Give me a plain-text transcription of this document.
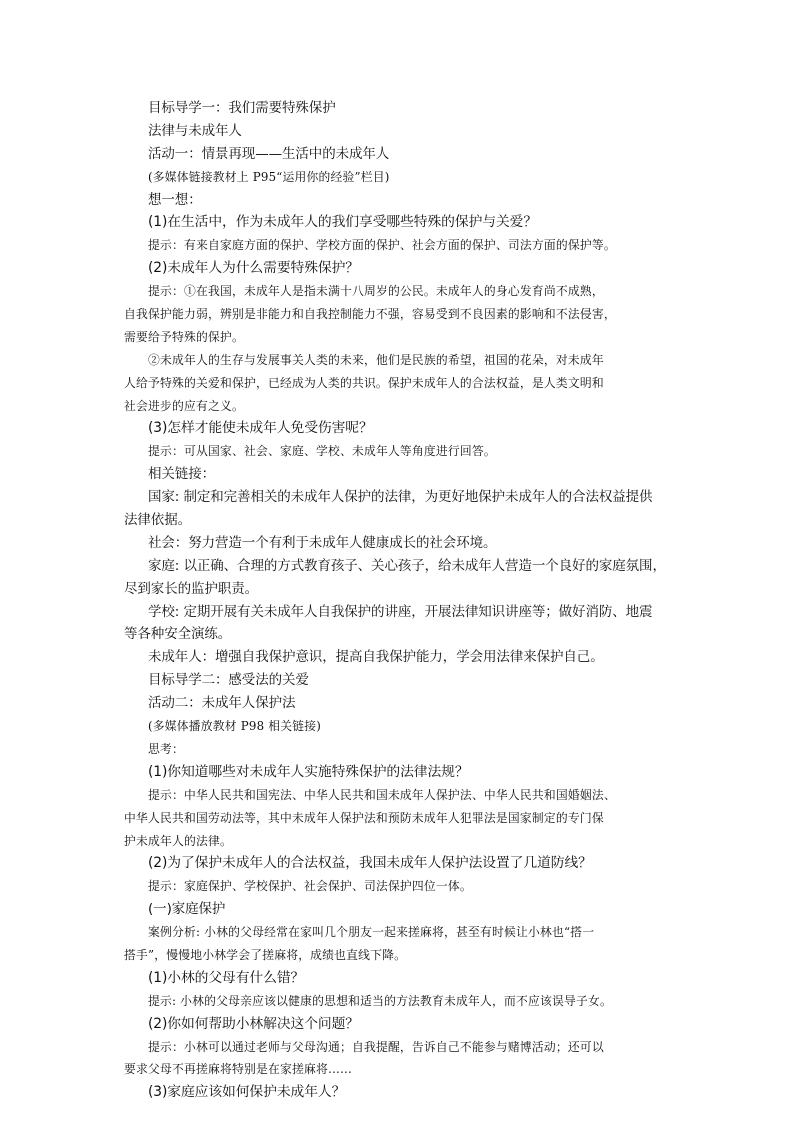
目标导学一：我们需要特殊保护
法律与未成年人
活动一：情景再现——生活中的未成年人
(多媒体链接教材上 P95“运用你的经验”栏目)
想一想：
(1)在生活中，作为未成年人的我们享受哪些特殊的保护与关爱？
提示：有来自家庭方面的保护、学校方面的保护、社会方面的保护、司法方面的保护等。
(2)未成年人为什么需要特殊保护？
提示：①在我国，未成年人是指未满十八周岁的公民。未成年人的身心发育尚不成熟，
自我保护能力弱，辨别是非能力和自我控制能力不强，容易受到不良因素的影响和不法侵害，
需要给予特殊的保护。
②未成年人的生存与发展事关人类的未来，他们是民族的希望，祖国的花朵，对未成年
人给予特殊的关爱和保护，已经成为人类的共识。保护未成年人的合法权益，是人类文明和
社会进步的应有之义。
(3)怎样才能使未成年人免受伤害呢？
提示：可从国家、社会、家庭、学校、未成年人等角度进行回答。
相关链接：
国家: 制定和完善相关的未成年人保护的法律，为更好地保护未成年人的合法权益提供
法律依据。
社会：努力营造一个有利于未成年人健康成长的社会环境。
家庭: 以正确、合理的方式教育孩子、关心孩子，给未成年人营造一个良好的家庭氛围，
尽到家长的监护职责。
学校: 定期开展有关未成年人自我保护的讲座，开展法律知识讲座等；做好消防、地震
等各种安全演练。
未成年人：增强自我保护意识，提高自我保护能力，学会用法律来保护自己。
目标导学二：感受法的关爱
活动二：未成年人保护法
(多媒体播放教材 P98 相关链接)
思考：
(1)你知道哪些对未成年人实施特殊保护的法律法规？
提示：中华人民共和国宪法、中华人民共和国未成年人保护法、中华人民共和国婚姻法、
中华人民共和国劳动法等，其中未成年人保护法和预防未成年人犯罪法是国家制定的专门保
护未成年人的法律。
(2)为了保护未成年人的合法权益，我国未成年人保护法设置了几道防线？
提示：家庭保护、学校保护、社会保护、司法保护四位一体。
(一)家庭保护
案例分析: 小林的父母经常在家叫几个朋友一起来搓麻将，甚至有时候让小林也“搭一
搭手”，慢慢地小林学会了搓麻将，成绩也直线下降。
(1)小林的父母有什么错？
提示: 小林的父母亲应该以健康的思想和适当的方法教育未成年人，而不应该误导子女。
(2)你如何帮助小林解决这个问题？
提示：小林可以通过老师与父母沟通；自我提醒，告诉自己不能参与赌博活动；还可以
要求父母不再搓麻将特别是在家搓麻将……
(3)家庭应该如何保护未成年人？
